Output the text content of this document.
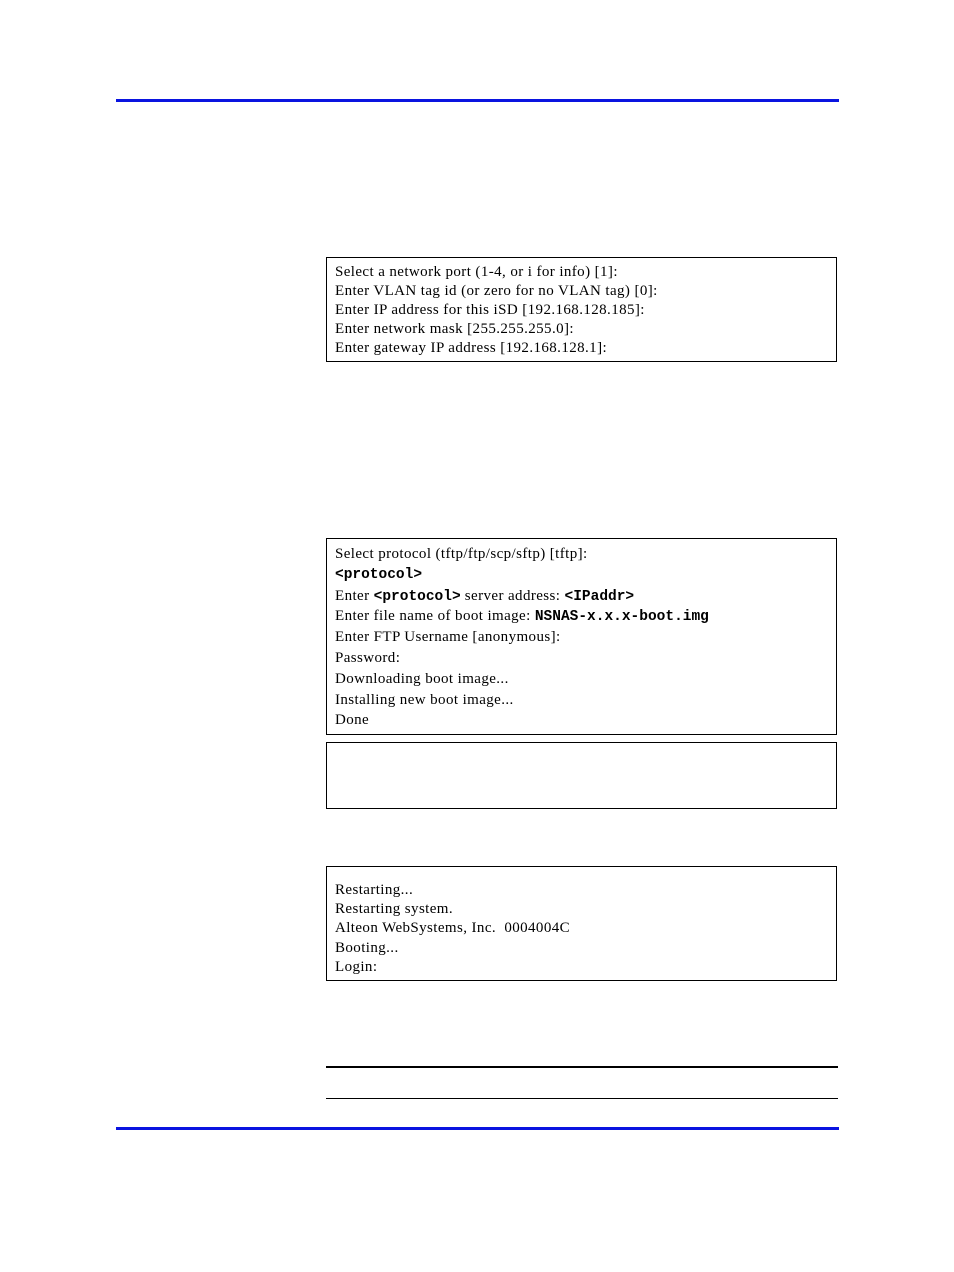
Select a network port (1-4, or i for info) [1]:
Enter VLAN tag id (or zero for no VLAN tag) [0]:
Enter IP address for this iSD [192.168.128.185]:
Enter network mask [255.255.255.0]:
Enter gateway IP address [192.168.128.1]:
Select protocol (tftp/ftp/scp/sftp) [tftp]:
<protocol>
Enter <protocol> server address: <IPaddr>
Enter file name of boot image: NSNAS-x.x.x-boot.img
Enter FTP Username [anonymous]:
Password:
Downloading boot image...
Installing new boot image...
Done
Restarting...
Restarting system.
Alteon WebSystems, Inc.  0004004C
Booting...
Login:
